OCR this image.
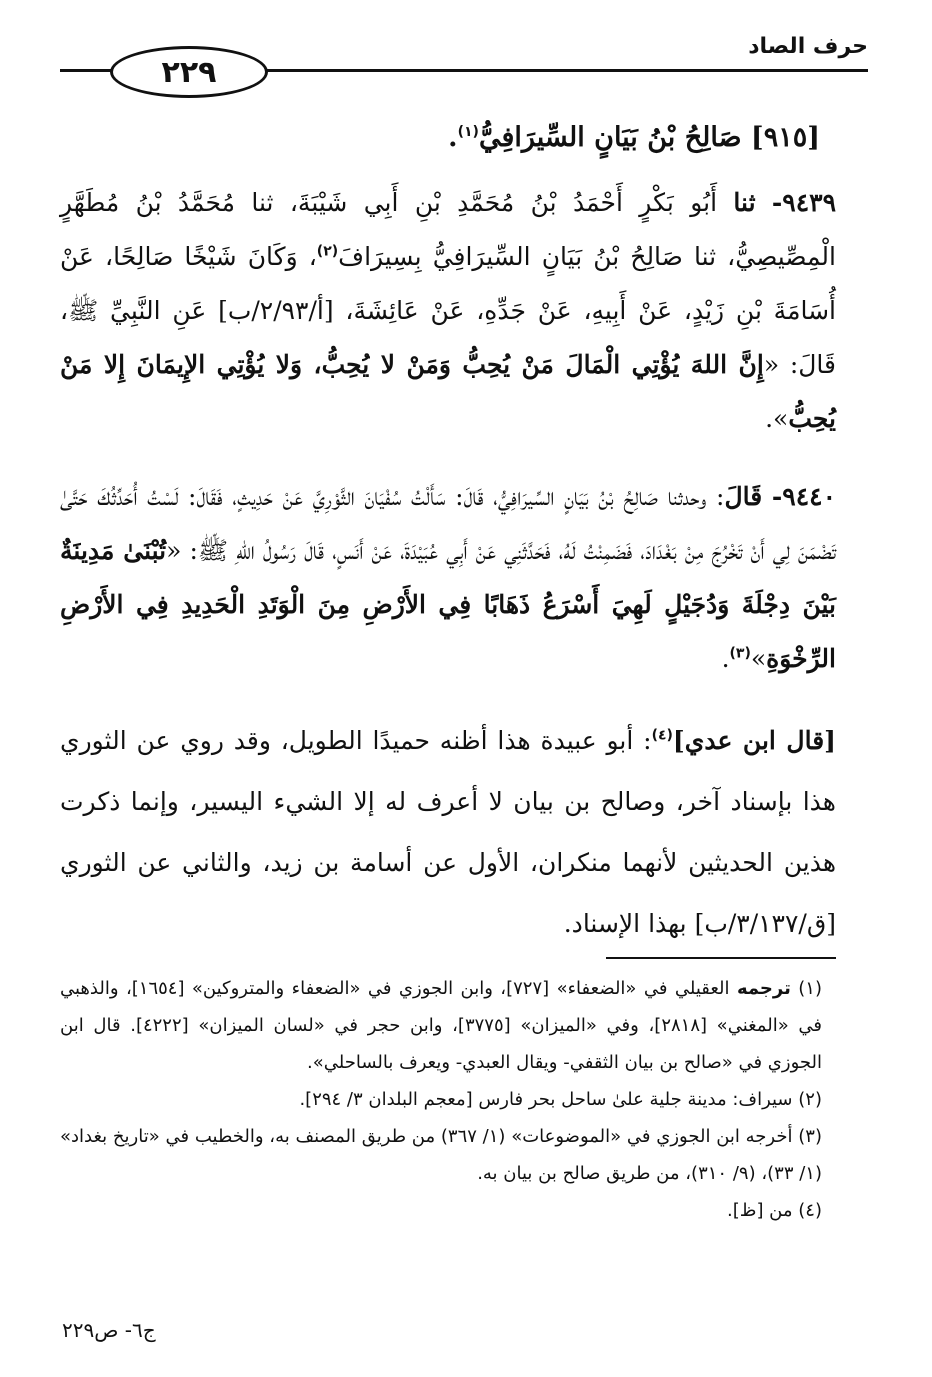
حرف الصاد
٢٢٩
[٩١٥] صَالِحُ بْنُ بَيَانٍ السِّيرَافِيُّ$^{(١)}$.
٩٤٣٩- ثنا أَبُو بَكْرٍ أَحْمَدُ بْنُ مُحَمَّدِ بْنِ أَبِي شَيْبَةَ، ثنا مُحَمَّدُ بْنُ مُطَهَّرٍ الْمِصِّيصِيُّ، ثنا صَالِحُ بْنُ بَيَانٍ السِّيرَافِيُّ بِسِيرَافَ$^{(٢)}$، وَكَانَ شَيْخًا صَالِحًا، عَنْ أُسَامَةَ بْنِ زَيْدٍ، عَنْ أَبِيهِ، عَنْ جَدِّهِ، عَنْ عَائِشَةَ، [أ/٢/٩٣/ب] عَنِ النَّبِيِّ ﷺ، قَالَ: «إِنَّ اللهَ يُؤْتِي الْمَالَ مَنْ يُحِبُّ وَمَنْ لا يُحِبُّ، وَلا يُؤْتِي الإِيمَانَ إِلا مَنْ يُحِبُّ».
٩٤٤٠- قَالَ: وحدثنا صَالِحُ بْنُ بَيَانٍ السِّيرَافِيُّ، قَالَ: سَأَلْتُ سُفْيَانَ الثَّوْرِيَّ عَنْ حَدِيثٍ، فَقَالَ: لَسْتُ أُحَدِّثُكَ حَتَّىٰ تَضْمَنَ لِي أَنْ تَخْرُجَ مِنْ بَغْدَادَ، فَضَمِنْتُ لَهُ، فَحَدَّثَنِي عَنْ أَبِي عُبَيْدَةَ، عَنْ أَنَسٍ، قَالَ رَسُولُ اللهِ ﷺ: «تُبْنَىٰ مَدِينَةٌ بَيْنَ دِجْلَةَ وَدُجَيْلٍ لَهِيَ أَسْرَعُ ذَهَابًا فِي الأَرْضِ مِنَ الْوَتَدِ الْحَدِيدِ فِي الأَرْضِ الرِّخْوَةِ»$^{(٣)}$.
[قال ابن عدي]$^{(٤)}$: أبو عبيدة هذا أظنه حميدًا الطويل، وقد روي عن الثوري هذا بإسناد آخر، وصالح بن بيان لا أعرف له إلا الشيء اليسير، وإنما ذكرت هذين الحديثين لأنهما منكران، الأول عن أسامة بن زيد، والثاني عن الثوري [ق/٣/١٣٧/ب] بهذا الإسناد.
(١) ترجمه العقيلي في «الضعفاء» [٧٢٧]، وابن الجوزي في «الضعفاء والمتروكين» [١٦٥٤]، والذهبي في «المغني» [٢٨١٨]، وفي «الميزان» [٣٧٧٥]، وابن حجر في «لسان الميزان» [٤٢٢٢]. قال ابن الجوزي في «صالح بن بيان الثقفي- ويقال العبدي- ويعرف بالساحلي».
(٢) سيراف: مدينة جلية علىٰ ساحل بحر فارس [معجم البلدان ٣/ ٢٩٤].
(٣) أخرجه ابن الجوزي في «الموضوعات» (١/ ٣٦٧) من طريق المصنف به، والخطيب في «تاريخ بغداد» (١/ ٣٣)، (٩/ ٣١٠)، من طريق صالح بن بيان به.
(٤) من [ظ].
ج٦- ص٢٢٩
